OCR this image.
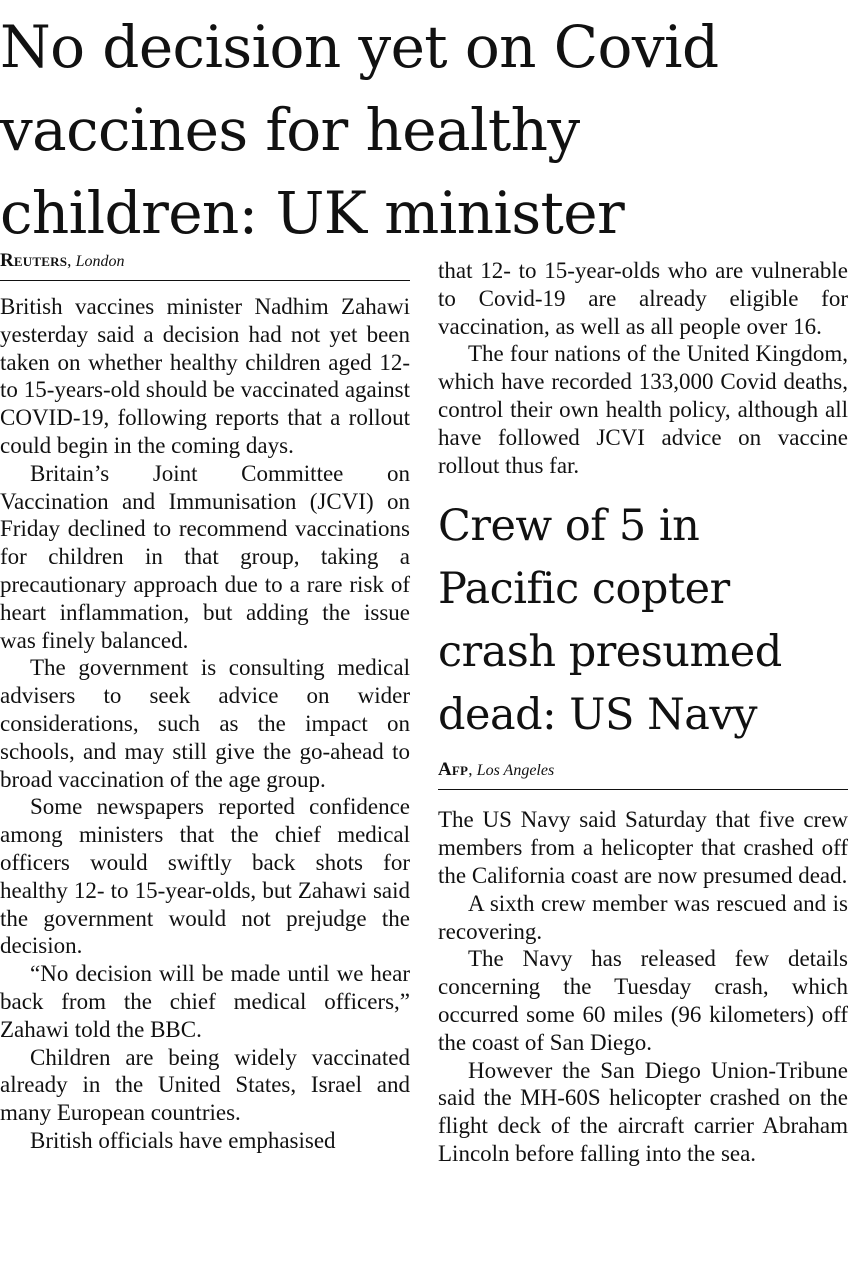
No decision yet on Covid vaccines for healthy children: UK minister
Reuters, London

British vaccines minister Nadhim Zahawi yesterday said a decision had not yet been taken on whether healthy children aged 12- to 15-years-old should be vaccinated against COVID-19, following reports that a rollout could begin in the coming days.

Britain’s Joint Committee on Vaccination and Immunisation (JCVI) on Friday declined to recommend vaccinations for children in that group, taking a precautionary approach due to a rare risk of heart inflammation, but adding the issue was finely balanced.

The government is consulting medical advisers to seek advice on wider considerations, such as the impact on schools, and may still give the go-ahead to broad vaccination of the age group.

Some newspapers reported confidence among ministers that the chief medical officers would swiftly back shots for healthy 12- to 15-year-olds, but Zahawi said the government would not prejudge the decision.

“No decision will be made until we hear back from the chief medical officers,” Zahawi told the BBC.

Children are being widely vaccinated already in the United States, Israel and many European countries.

British officials have emphasised

that 12- to 15-year-olds who are vulnerable to Covid-19 are already eligible for vaccination, as well as all people over 16.

The four nations of the United Kingdom, which have recorded 133,000 Covid deaths, control their own health policy, although all have followed JCVI advice on vaccine rollout thus far.

Crew of 5 in Pacific copter crash presumed dead: US Navy
Afp, Los Angeles

The US Navy said Saturday that five crew members from a helicopter that crashed off the California coast are now presumed dead.

A sixth crew member was rescued and is recovering.

The Navy has released few details concerning the Tuesday crash, which occurred some 60 miles (96 kilometers) off the coast of San Diego.

However the San Diego Union-Tribune said the MH-60S helicopter crashed on the flight deck of the aircraft carrier Abraham Lincoln before falling into the sea.
